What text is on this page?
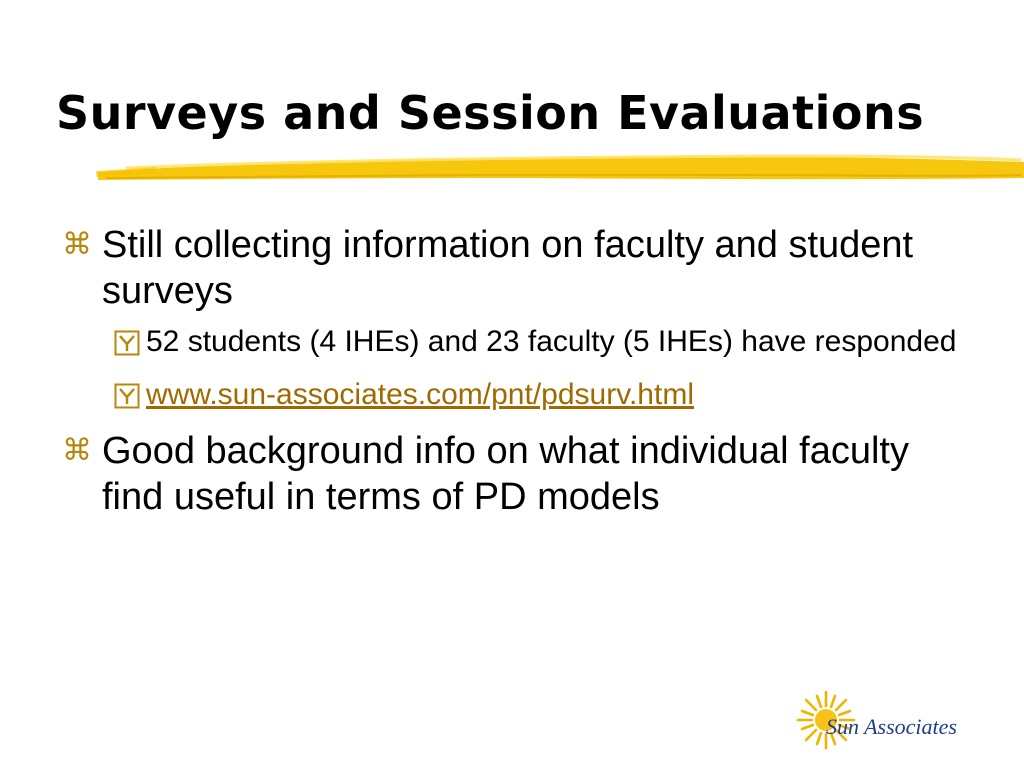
Surveys and Session Evaluations
⌘ Still collecting information on faculty and student surveys
52 students (4 IHEs) and 23 faculty (5 IHEs) have responded
www.sun-associates.com/pnt/pdsurv.html
⌘ Good background info on what individual faculty find useful in terms of PD models
Sun Associates
